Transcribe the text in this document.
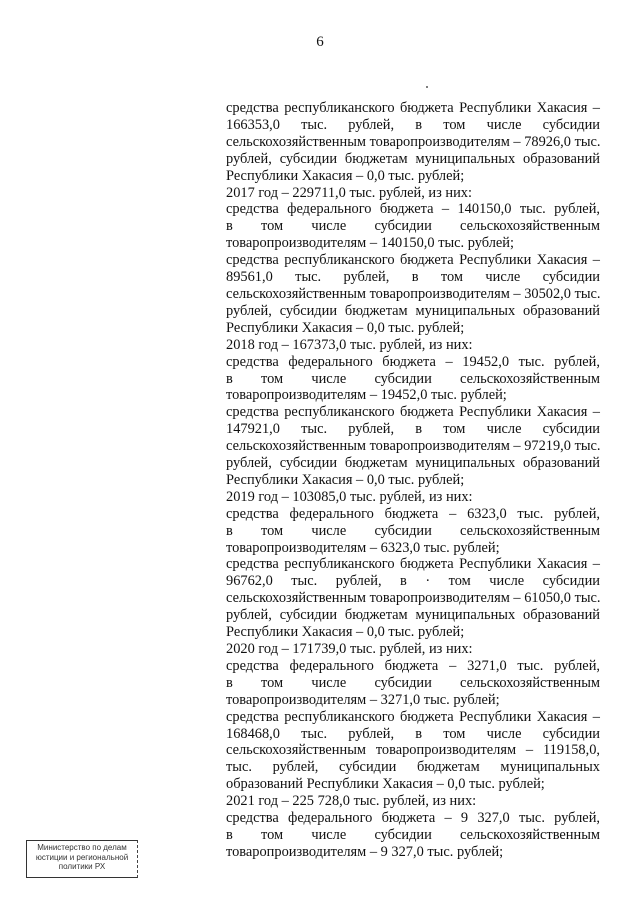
6
средства республиканского бюджета Республики Хакасия –
166353,0 тыс. рублей, в том числе субсидии
сельскохозяйственным товаропроизводителям – 78926,0 тыс.
рублей, субсидии бюджетам муниципальных образований
Республики Хакасия – 0,0 тыс. рублей;
2017 год – 229711,0 тыс. рублей, из них:
средства федерального бюджета – 140150,0 тыс. рублей,
в том числе субсидии сельскохозяйственным
товаропроизводителям – 140150,0 тыс. рублей;
средства республиканского бюджета Республики Хакасия –
89561,0 тыс. рублей, в том числе субсидии
сельскохозяйственным товаропроизводителям – 30502,0 тыс.
рублей, субсидии бюджетам муниципальных образований
Республики Хакасия – 0,0 тыс. рублей;
2018 год – 167373,0 тыс. рублей, из них:
средства федерального бюджета – 19452,0 тыс. рублей,
в том числе субсидии сельскохозяйственным
товаропроизводителям – 19452,0 тыс. рублей;
средства республиканского бюджета Республики Хакасия –
147921,0 тыс. рублей, в том числе субсидии
сельскохозяйственным товаропроизводителям – 97219,0 тыс.
рублей, субсидии бюджетам муниципальных образований
Республики Хакасия – 0,0 тыс. рублей;
2019 год – 103085,0 тыс. рублей, из них:
средства федерального бюджета – 6323,0 тыс. рублей,
в том числе субсидии сельскохозяйственным
товаропроизводителям – 6323,0 тыс. рублей;
средства республиканского бюджета Республики Хакасия –
96762,0 тыс. рублей, в · том числе субсидии
сельскохозяйственным товаропроизводителям – 61050,0 тыс.
рублей, субсидии бюджетам муниципальных образований
Республики Хакасия – 0,0 тыс. рублей;
2020 год – 171739,0 тыс. рублей, из них:
средства федерального бюджета – 3271,0 тыс. рублей,
в том числе субсидии сельскохозяйственным
товаропроизводителям – 3271,0 тыс. рублей;
средства республиканского бюджета Республики Хакасия –
168468,0 тыс. рублей, в том числе субсидии
сельскохозяйственным товаропроизводителям – 119158,0,
тыс. рублей, субсидии бюджетам муниципальных
образований Республики Хакасия – 0,0 тыс. рублей;
2021 год – 225 728,0 тыс. рублей, из них:
средства федерального бюджета – 9 327,0 тыс. рублей,
в том числе субсидии сельскохозяйственным
товаропроизводителям – 9 327,0 тыс. рублей;
Министерство по делам
юстиции и региональной
политики РХ
